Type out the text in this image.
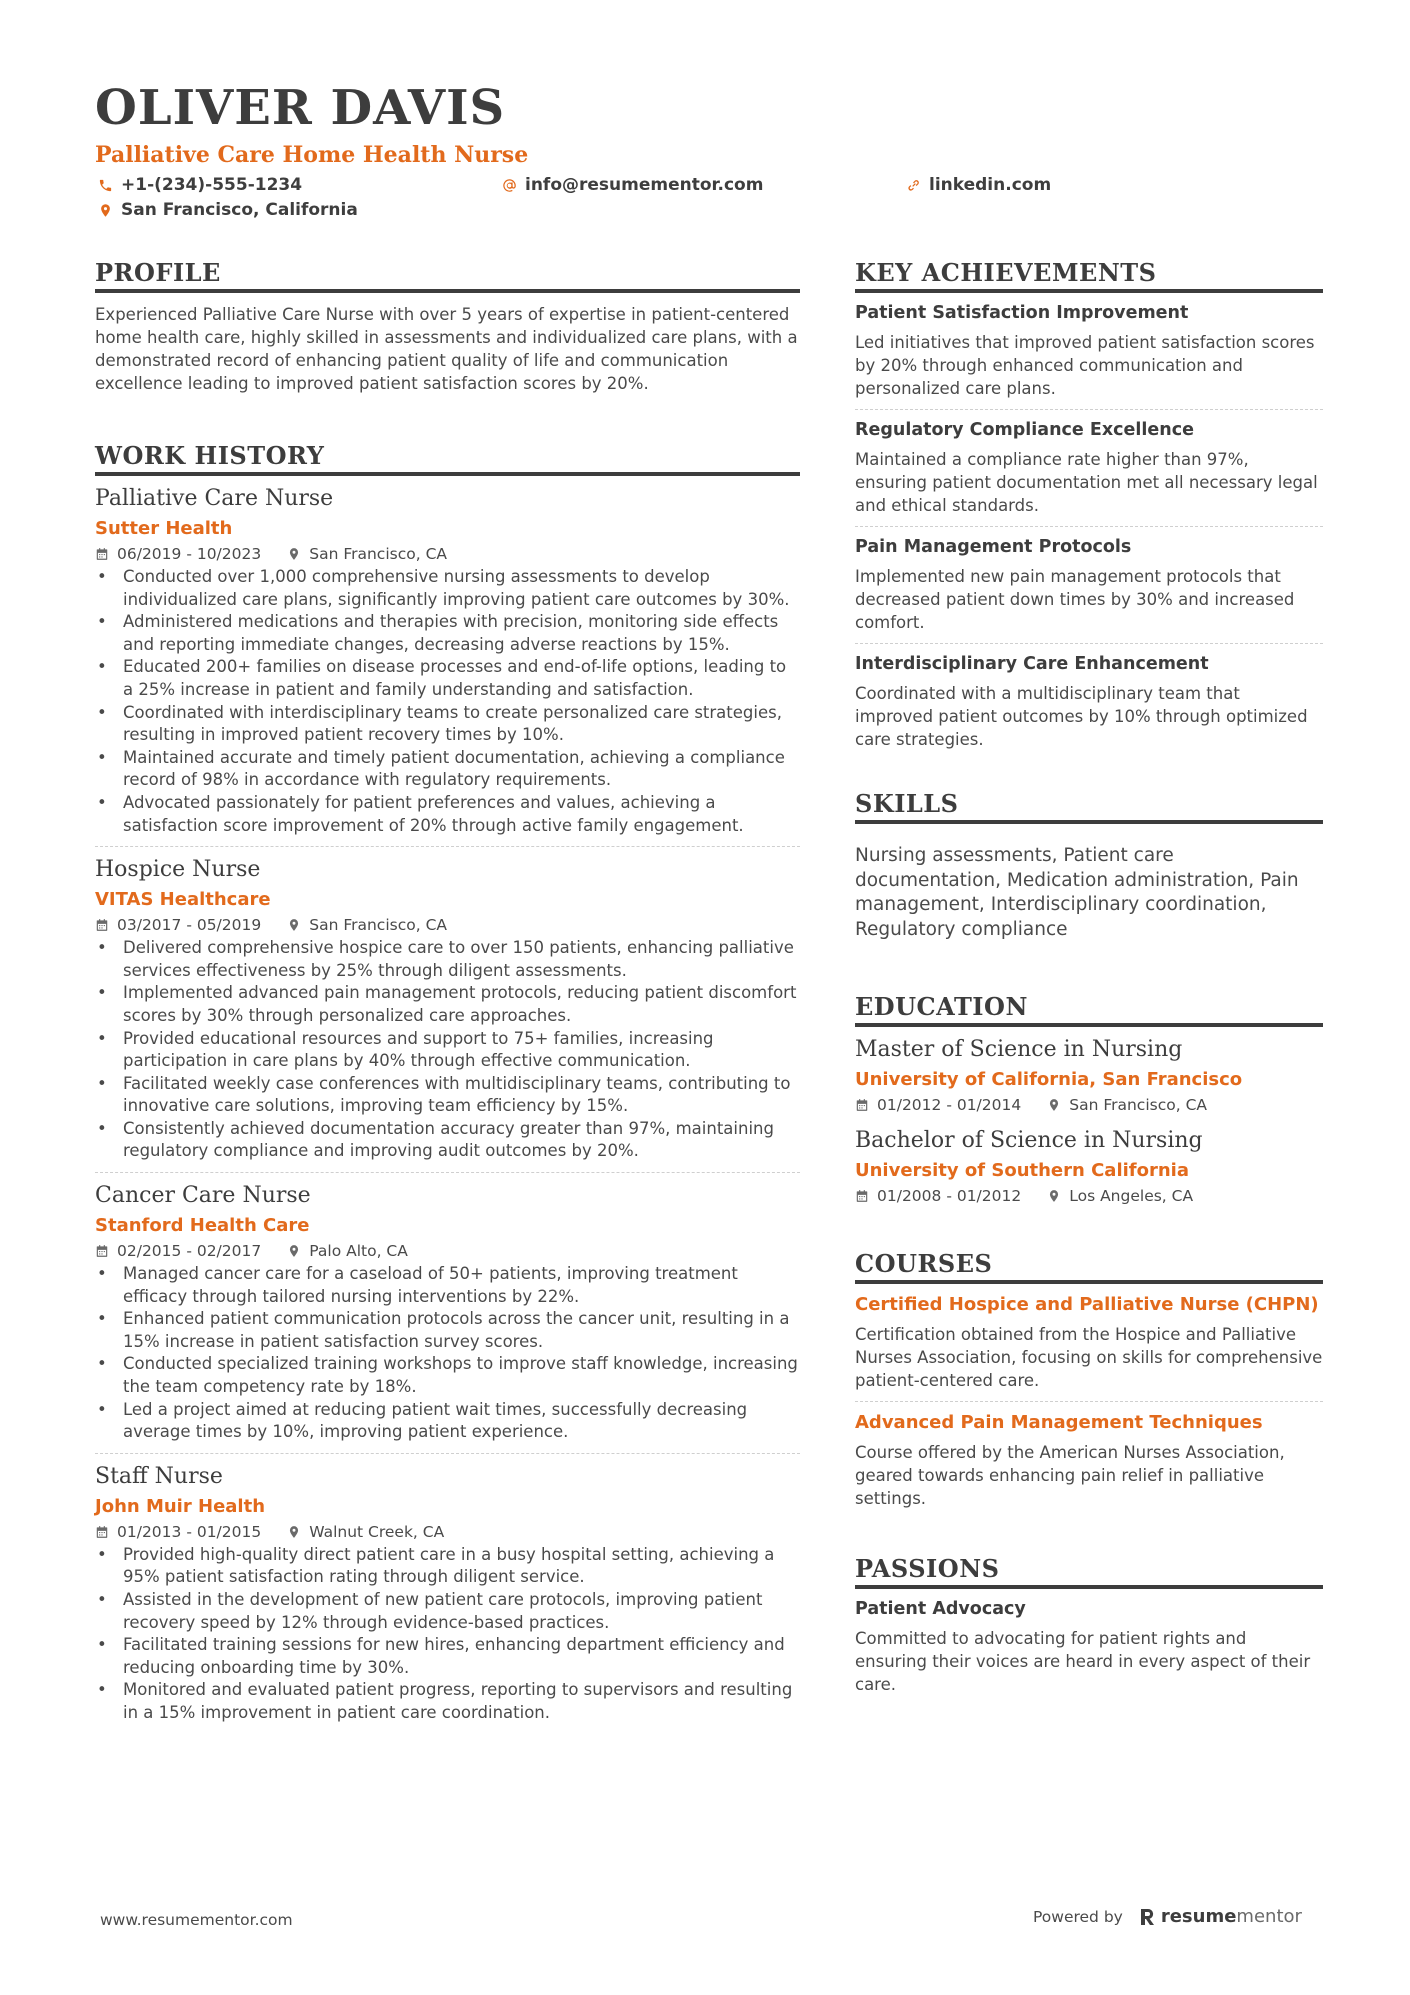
OLIVER DAVIS
Palliative Care Home Health Nurse
+1-(234)-555-1234	info@resumementor.com	linkedin.com
San Francisco, California
PROFILE
Experienced Palliative Care Nurse with over 5 years of expertise in patient-centered home health care, highly skilled in assessments and individualized care plans, with a demonstrated record of enhancing patient quality of life and communication excellence leading to improved patient satisfaction scores by 20%.
WORK HISTORY
Palliative Care Nurse
Sutter Health
06/2019 - 10/2023	San Francisco, CA
• Conducted over 1,000 comprehensive nursing assessments to develop individualized care plans, significantly improving patient care outcomes by 30%.
• Administered medications and therapies with precision, monitoring side effects and reporting immediate changes, decreasing adverse reactions by 15%.
• Educated 200+ families on disease processes and end-of-life options, leading to a 25% increase in patient and family understanding and satisfaction.
• Coordinated with interdisciplinary teams to create personalized care strategies, resulting in improved patient recovery times by 10%.
• Maintained accurate and timely patient documentation, achieving a compliance record of 98% in accordance with regulatory requirements.
• Advocated passionately for patient preferences and values, achieving a satisfaction score improvement of 20% through active family engagement.
Hospice Nurse
VITAS Healthcare
03/2017 - 05/2019	San Francisco, CA
• Delivered comprehensive hospice care to over 150 patients, enhancing palliative services effectiveness by 25% through diligent assessments.
• Implemented advanced pain management protocols, reducing patient discomfort scores by 30% through personalized care approaches.
• Provided educational resources and support to 75+ families, increasing participation in care plans by 40% through effective communication.
• Facilitated weekly case conferences with multidisciplinary teams, contributing to innovative care solutions, improving team efficiency by 15%.
• Consistently achieved documentation accuracy greater than 97%, maintaining regulatory compliance and improving audit outcomes by 20%.
Cancer Care Nurse
Stanford Health Care
02/2015 - 02/2017	Palo Alto, CA
• Managed cancer care for a caseload of 50+ patients, improving treatment efficacy through tailored nursing interventions by 22%.
• Enhanced patient communication protocols across the cancer unit, resulting in a 15% increase in patient satisfaction survey scores.
• Conducted specialized training workshops to improve staff knowledge, increasing the team competency rate by 18%.
• Led a project aimed at reducing patient wait times, successfully decreasing average times by 10%, improving patient experience.
Staff Nurse
John Muir Health
01/2013 - 01/2015	Walnut Creek, CA
• Provided high-quality direct patient care in a busy hospital setting, achieving a 95% patient satisfaction rating through diligent service.
• Assisted in the development of new patient care protocols, improving patient recovery speed by 12% through evidence-based practices.
• Facilitated training sessions for new hires, enhancing department efficiency and reducing onboarding time by 30%.
• Monitored and evaluated patient progress, reporting to supervisors and resulting in a 15% improvement in patient care coordination.
KEY ACHIEVEMENTS
Patient Satisfaction Improvement
Led initiatives that improved patient satisfaction scores by 20% through enhanced communication and personalized care plans.
Regulatory Compliance Excellence
Maintained a compliance rate higher than 97%, ensuring patient documentation met all necessary legal and ethical standards.
Pain Management Protocols
Implemented new pain management protocols that decreased patient down times by 30% and increased comfort.
Interdisciplinary Care Enhancement
Coordinated with a multidisciplinary team that improved patient outcomes by 10% through optimized care strategies.
SKILLS
Nursing assessments, Patient care documentation, Medication administration, Pain management, Interdisciplinary coordination, Regulatory compliance
EDUCATION
Master of Science in Nursing
University of California, San Francisco
01/2012 - 01/2014	San Francisco, CA
Bachelor of Science in Nursing
University of Southern California
01/2008 - 01/2012	Los Angeles, CA
COURSES
Certified Hospice and Palliative Nurse (CHPN)
Certification obtained from the Hospice and Palliative Nurses Association, focusing on skills for comprehensive patient-centered care.
Advanced Pain Management Techniques
Course offered by the American Nurses Association, geared towards enhancing pain relief in palliative settings.
PASSIONS
Patient Advocacy
Committed to advocating for patient rights and ensuring their voices are heard in every aspect of their care.
www.resumementor.com	Powered by resumementor
